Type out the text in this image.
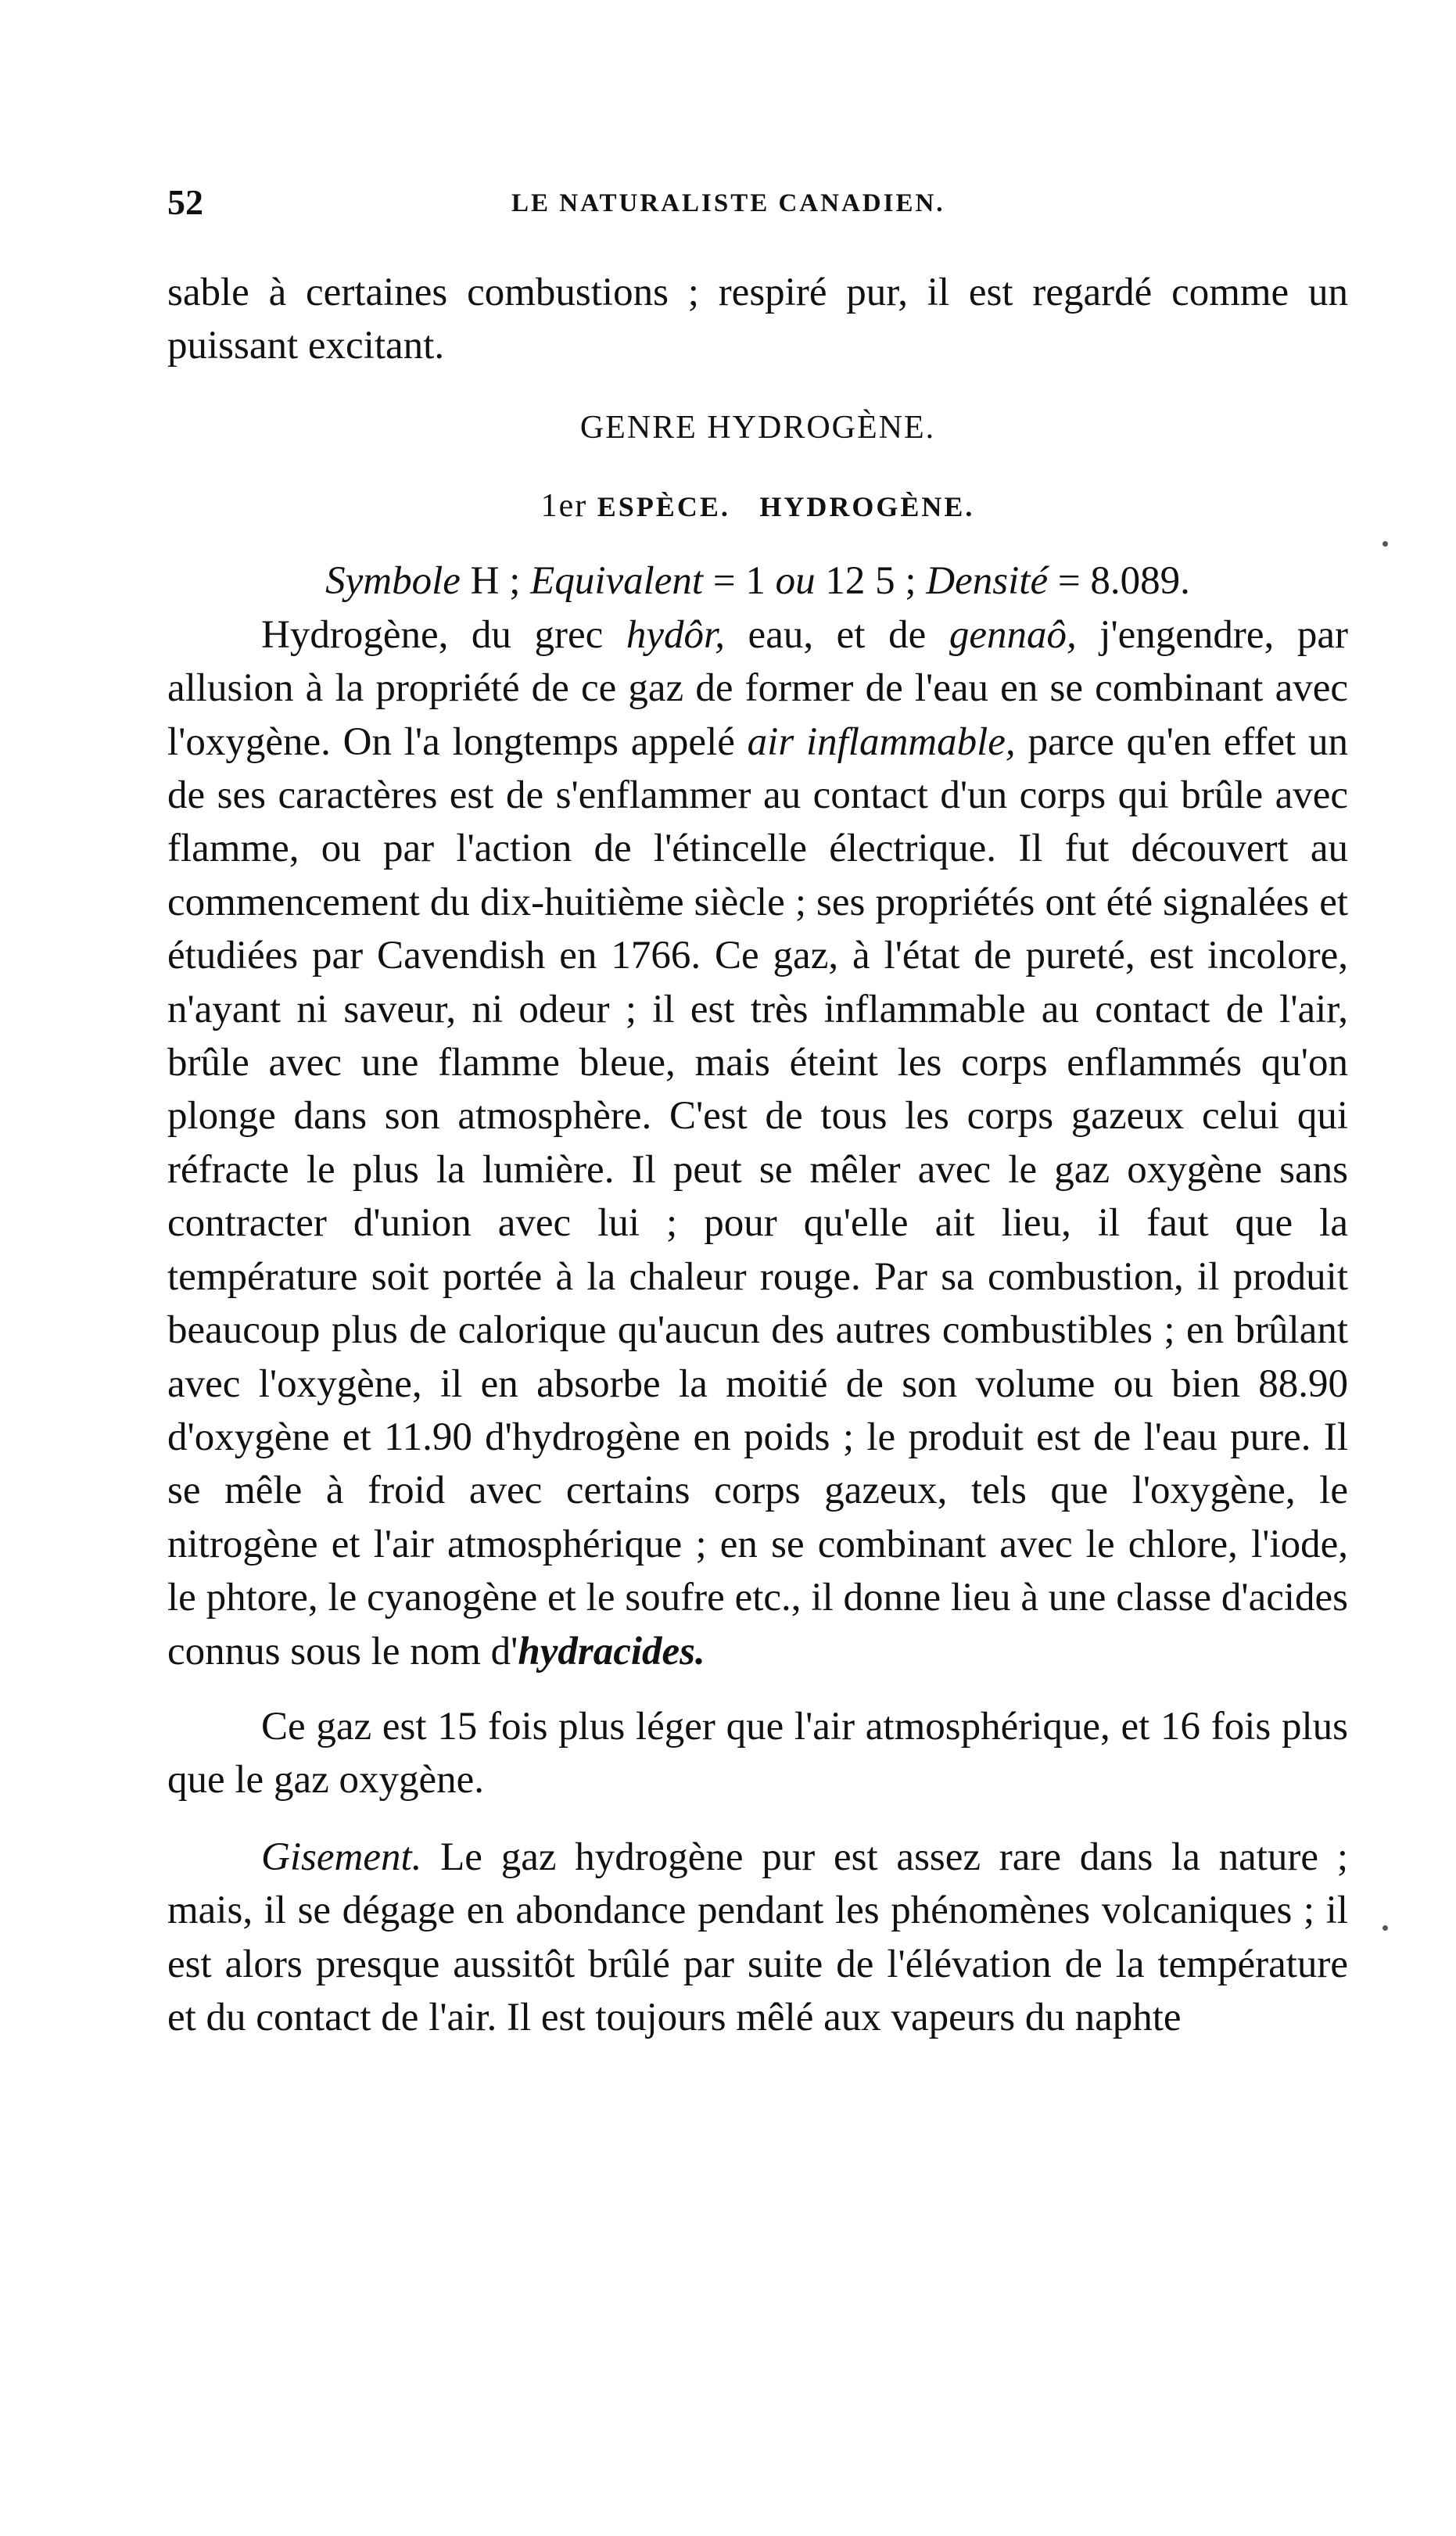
52	LE NATURALISTE CANADIEN.

sable à certaines combustions ; respiré pur, il est regardé comme un puissant excitant.

GENRE HYDROGÈNE.

1er ESPÈCE. HYDROGÈNE.

Symbole H ; Equivalent = 1 ou 12 5 ; Densité = 8.089.

Hydrogène, du grec hydôr, eau, et de gennaô, j'engendre, par allusion à la propriété de ce gaz de former de l'eau en se combinant avec l'oxygène. On l'a longtemps appelé air inflammable, parce qu'en effet un de ses caractères est de s'enflammer au contact d'un corps qui brûle avec flamme, ou par l'action de l'étincelle électrique. Il fut découvert au commencement du dix-huitième siècle ; ses propriétés ont été signalées et étudiées par Cavendish en 1766. Ce gaz, à l'état de pureté, est incolore, n'ayant ni saveur, ni odeur ; il est très inflammable au contact de l'air, brûle avec une flamme bleue, mais éteint les corps enflammés qu'on plonge dans son atmosphère. C'est de tous les corps gazeux celui qui réfracte le plus la lumière. Il peut se mêler avec le gaz oxygène sans contracter d'union avec lui ; pour qu'elle ait lieu, il faut que la température soit portée à la chaleur rouge. Par sa combustion, il produit beaucoup plus de calorique qu'aucun des autres combustibles ; en brûlant avec l'oxygène, il en absorbe la moitié de son volume ou bien 88.90 d'oxygène et 11.90 d'hydrogène en poids ; le produit est de l'eau pure. Il se mêle à froid avec certains corps gazeux, tels que l'oxygène, le nitrogène et l'air atmosphérique ; en se combinant avec le chlore, l'iode, le phtore, le cyanogène et le soufre etc., il donne lieu à une classe d'acides connus sous le nom d'hydracides.

Ce gaz est 15 fois plus léger que l'air atmosphérique, et 16 fois plus que le gaz oxygène.

Gisement. Le gaz hydrogène pur est assez rare dans la nature ; mais, il se dégage en abondance pendant les phénomènes volcaniques ; il est alors presque aussitôt brûlé par suite de l'élévation de la température et du contact de l'air. Il est toujours mêlé aux vapeurs du naphte
